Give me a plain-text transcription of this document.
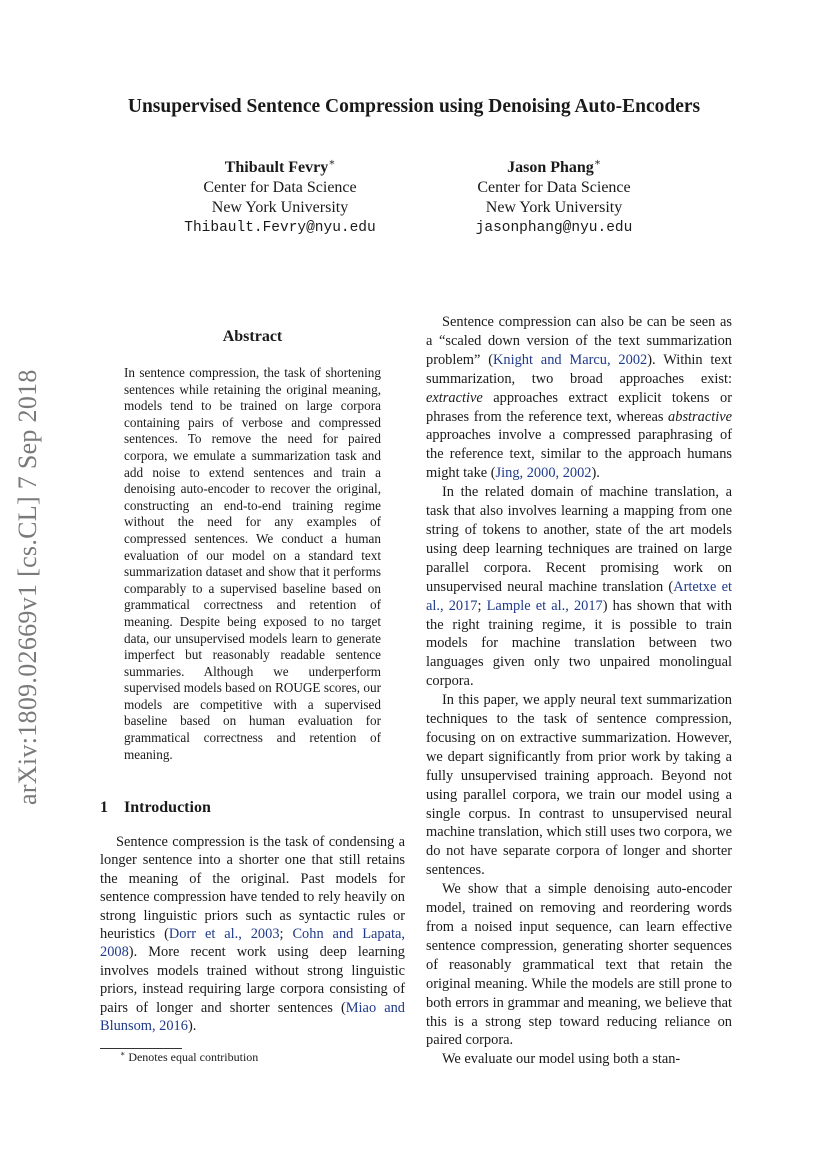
arXiv:1809.02669v1 [cs.CL] 7 Sep 2018
Unsupervised Sentence Compression using Denoising Auto-Encoders
Thibault Fevry∗
Center for Data Science
New York University
Thibault.Fevry@nyu.edu
Jason Phang∗
Center for Data Science
New York University
jasonphang@nyu.edu
Abstract
In sentence compression, the task of shortening sentences while retaining the original meaning, models tend to be trained on large corpora containing pairs of verbose and compressed sentences. To remove the need for paired corpora, we emulate a summarization task and add noise to extend sentences and train a denoising auto-encoder to recover the original, constructing an end-to-end training regime without the need for any examples of compressed sentences. We conduct a human evaluation of our model on a standard text summarization dataset and show that it performs comparably to a supervised baseline based on grammatical correctness and retention of meaning. Despite being exposed to no target data, our unsupervised models learn to generate imperfect but reasonably readable sentence summaries. Although we underperform supervised models based on ROUGE scores, our models are competitive with a supervised baseline based on human evaluation for grammatical correctness and retention of meaning.
1 Introduction

Sentence compression is the task of condensing a longer sentence into a shorter one that still retains the meaning of the original. Past models for sentence compression have tended to rely heavily on strong linguistic priors such as syntactic rules or heuristics (Dorr et al., 2003; Cohn and Lapata, 2008). More recent work using deep learning involves models trained without strong linguistic priors, instead requiring large corpora consisting of pairs of longer and shorter sentences (Miao and Blunsom, 2016).

Sentence compression can also be can be seen as a “scaled down version of the text summarization problem” (Knight and Marcu, 2002). Within text summarization, two broad approaches exist: extractive approaches extract explicit tokens or phrases from the reference text, whereas abstractive approaches involve a compressed paraphrasing of the reference text, similar to the approach humans might take (Jing, 2000, 2002).

In the related domain of machine translation, a task that also involves learning a mapping from one string of tokens to another, state of the art models using deep learning techniques are trained on large parallel corpora. Recent promising work on unsupervised neural machine translation (Artetxe et al., 2017; Lample et al., 2017) has shown that with the right training regime, it is possible to train models for machine translation between two languages given only two unpaired monolingual corpora.

In this paper, we apply neural text summarization techniques to the task of sentence compression, focusing on on extractive summarization. However, we depart significantly from prior work by taking a fully unsupervised training approach. Beyond not using parallel corpora, we train our model using a single corpus. In contrast to unsupervised neural machine translation, which still uses two corpora, we do not have separate corpora of longer and shorter sentences.

We show that a simple denoising auto-encoder model, trained on removing and reordering words from a noised input sequence, can learn effective sentence compression, generating shorter sequences of reasonably grammatical text that retain the original meaning. While the models are still prone to both errors in grammar and meaning, we believe that this is a strong step toward reducing reliance on paired corpora.

We evaluate our model using both a stan-

∗ Denotes equal contribution
